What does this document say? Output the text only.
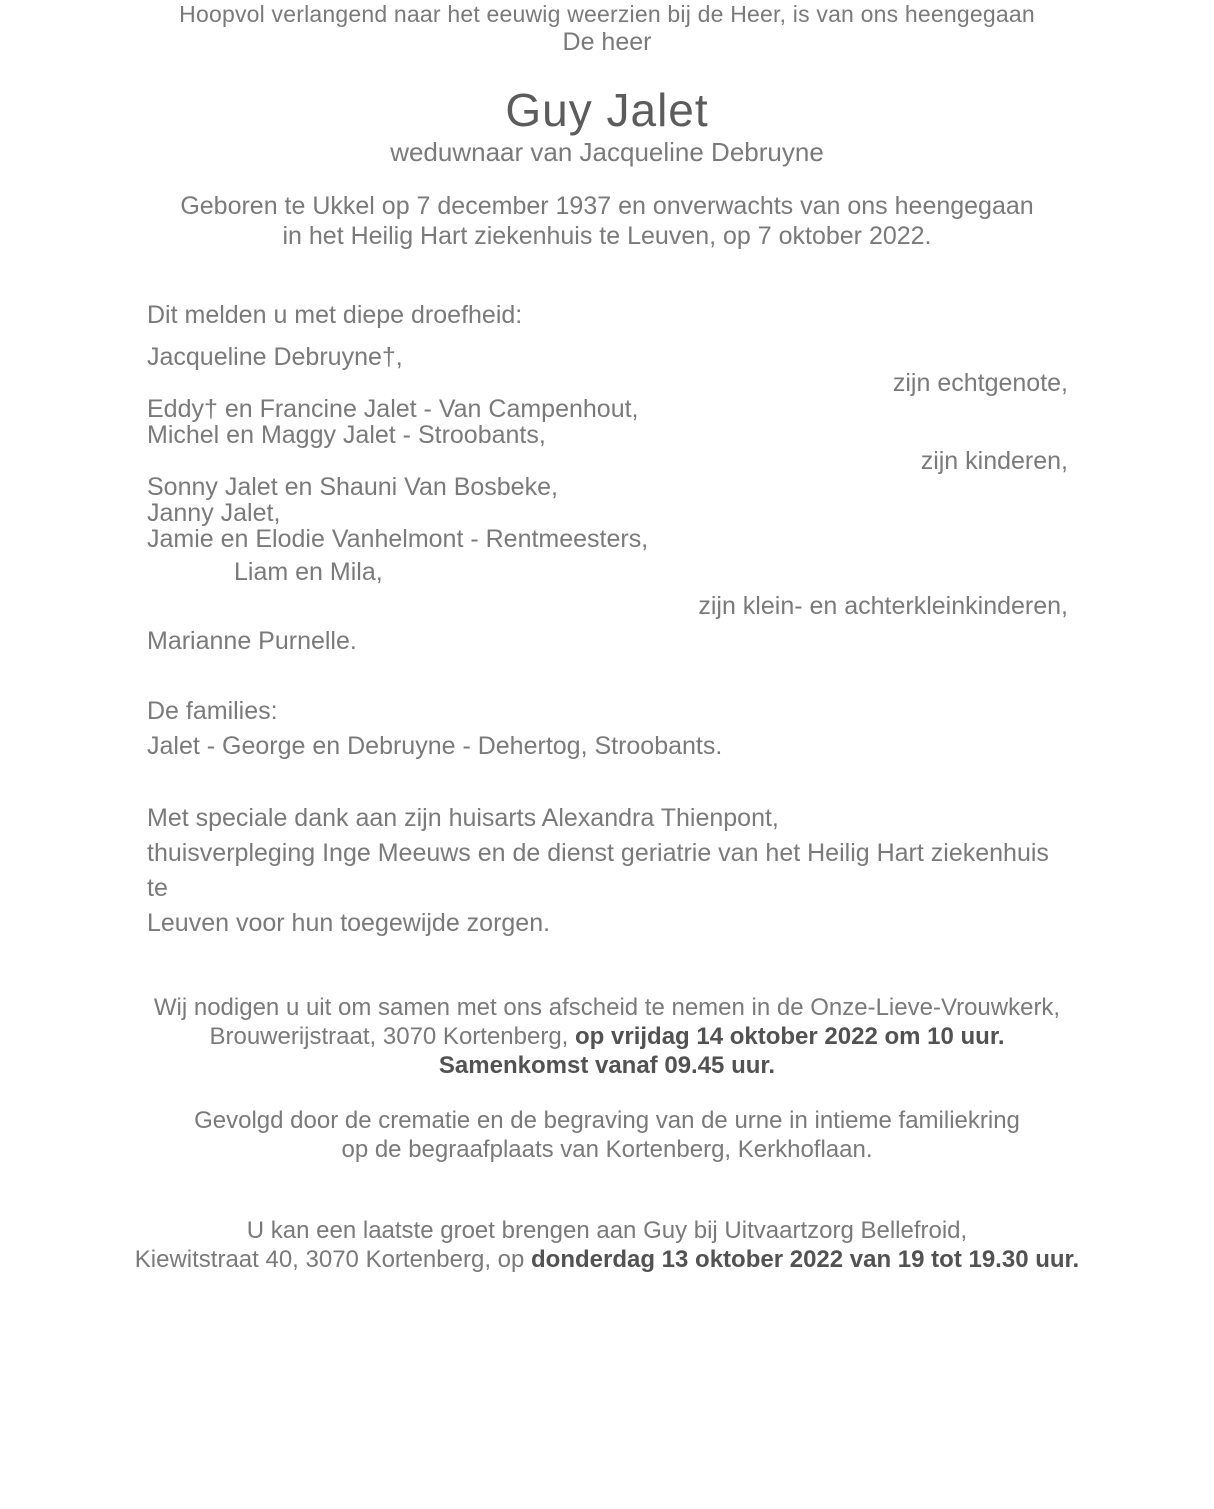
Hoopvol verlangend naar het eeuwig weerzien bij de Heer, is van ons heengegaan

De heer

Guy Jalet

weduwnaar van Jacqueline Debruyne

Geboren te Ukkel op 7 december 1937 en onverwachts van ons heengegaan

in het Heilig Hart ziekenhuis te Leuven, op 7 oktober 2022.

Dit melden u met diepe droefheid:

Jacqueline Debruyne†,

zijn echtgenote,

Eddy† en Francine Jalet - Van Campenhout,

Michel en Maggy Jalet - Stroobants,

zijn kinderen,

Sonny Jalet en Shauni Van Bosbeke,

Janny Jalet,

Jamie en Elodie Vanhelmont - Rentmeesters,

Liam en Mila,

zijn klein- en achterkleinkinderen,

Marianne Purnelle.

De families:

Jalet - George en Debruyne - Dehertog, Stroobants.

Met speciale dank aan zijn huisarts Alexandra Thienpont,

thuisverpleging Inge Meeuws en de dienst geriatrie van het Heilig Hart ziekenhuis te

Leuven voor hun toegewijde zorgen.

Wij nodigen u uit om samen met ons afscheid te nemen in de Onze-Lieve-Vrouwkerk,

Brouwerijstraat, 3070 Kortenberg, op vrijdag 14 oktober 2022 om 10 uur.

Samenkomst vanaf 09.45 uur.

Gevolgd door de crematie en de begraving van de urne in intieme familiekring

op de begraafplaats van Kortenberg, Kerkhoflaan.

U kan een laatste groet brengen aan Guy bij Uitvaartzorg Bellefroid,

Kiewitstraat 40, 3070 Kortenberg, op donderdag 13 oktober 2022 van 19 tot 19.30 uur.
